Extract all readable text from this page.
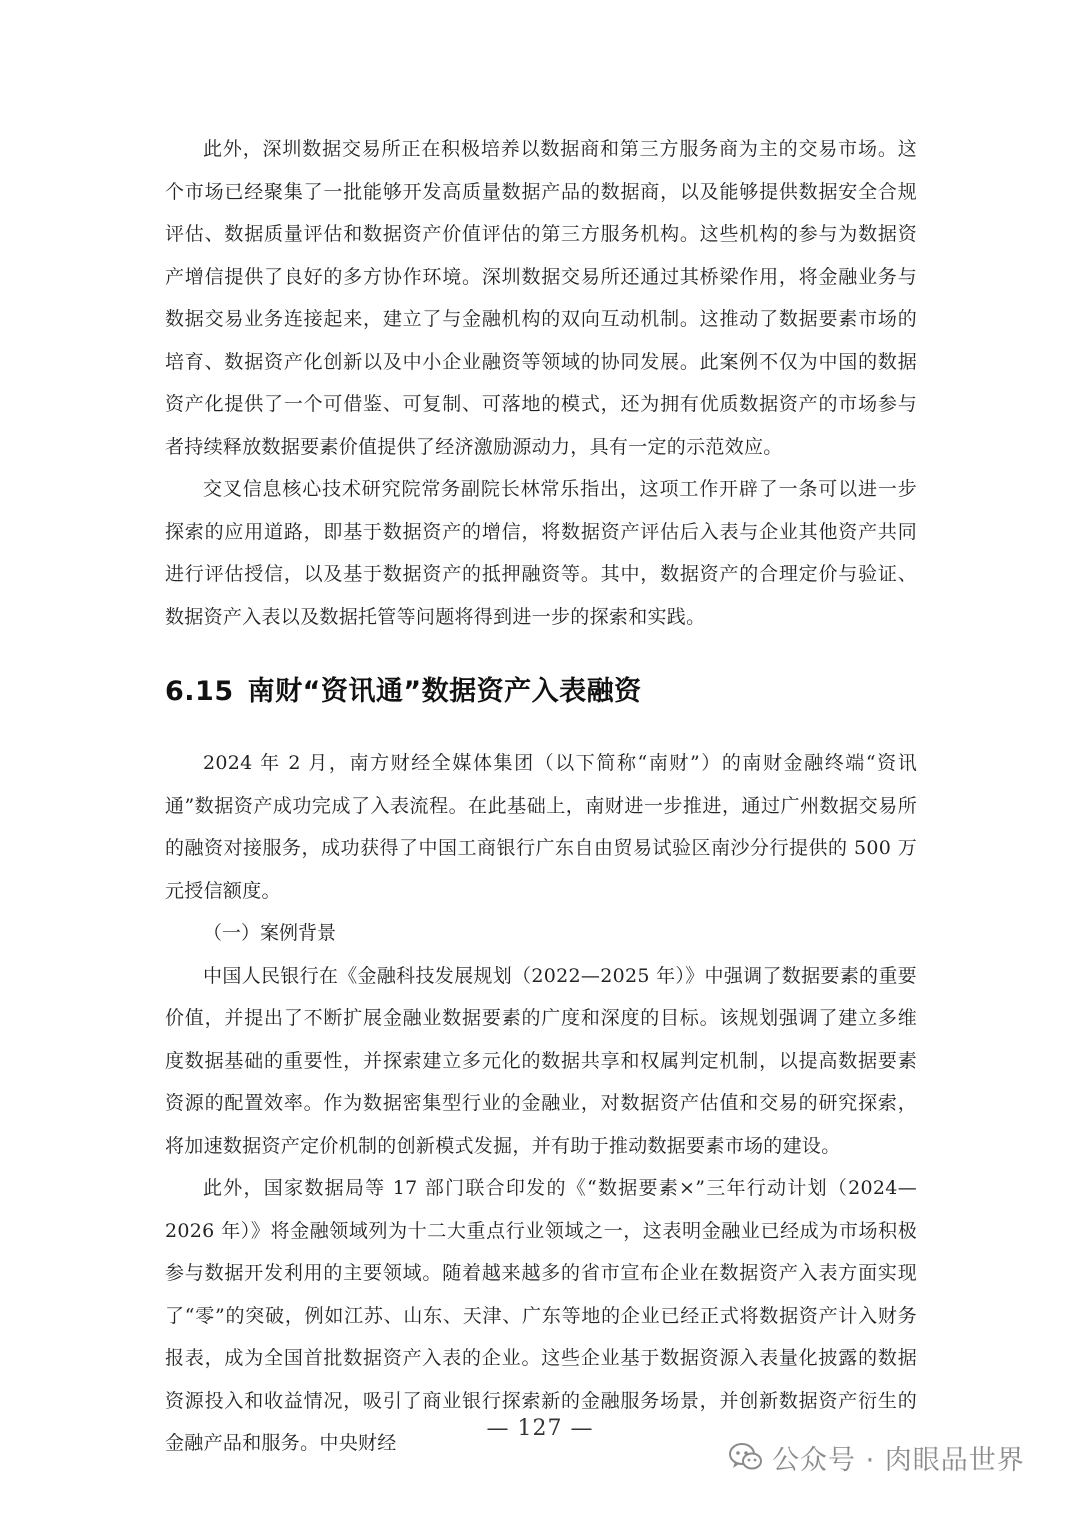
此外，深圳数据交易所正在积极培养以数据商和第三方服务商为主的交易市场。这个市场已经聚集了一批能够开发高质量数据产品的数据商，以及能够提供数据安全合规评估、数据质量评估和数据资产价值评估的第三方服务机构。这些机构的参与为数据资产增信提供了良好的多方协作环境。深圳数据交易所还通过其桥梁作用，将金融业务与数据交易业务连接起来，建立了与金融机构的双向互动机制。这推动了数据要素市场的培育、数据资产化创新以及中小企业融资等领域的协同发展。此案例不仅为中国的数据资产化提供了一个可借鉴、可复制、可落地的模式，还为拥有优质数据资产的市场参与者持续释放数据要素价值提供了经济激励源动力，具有一定的示范效应。

交叉信息核心技术研究院常务副院长林常乐指出，这项工作开辟了一条可以进一步探索的应用道路，即基于数据资产的增信，将数据资产评估后入表与企业其他资产共同进行评估授信，以及基于数据资产的抵押融资等。其中，数据资产的合理定价与验证、数据资产入表以及数据托管等问题将得到进一步的探索和实践。

6.15 南财“资讯通”数据资产入表融资

2024 年 2 月，南方财经全媒体集团（以下简称“南财”）的南财金融终端“资讯通”数据资产成功完成了入表流程。在此基础上，南财进一步推进，通过广州数据交易所的融资对接服务，成功获得了中国工商银行广东自由贸易试验区南沙分行提供的 500 万元授信额度。

（一）案例背景

中国人民银行在《金融科技发展规划（2022—2025 年）》中强调了数据要素的重要价值，并提出了不断扩展金融业数据要素的广度和深度的目标。该规划强调了建立多维度数据基础的重要性，并探索建立多元化的数据共享和权属判定机制，以提高数据要素资源的配置效率。作为数据密集型行业的金融业，对数据资产估值和交易的研究探索，将加速数据资产定价机制的创新模式发掘，并有助于推动数据要素市场的建设。

此外，国家数据局等 17 部门联合印发的《“数据要素×”三年行动计划（2024—2026 年）》将金融领域列为十二大重点行业领域之一，这表明金融业已经成为市场积极参与数据开发利用的主要领域。随着越来越多的省市宣布企业在数据资产入表方面实现了“零”的突破，例如江苏、山东、天津、广东等地的企业已经正式将数据资产计入财务报表，成为全国首批数据资产入表的企业。这些企业基于数据资源入表量化披露的数据资源投入和收益情况，吸引了商业银行探索新的金融服务场景，并创新数据资产衍生的金融产品和服务。中央财经

— 127 —
公众号 · 肉眼品世界
